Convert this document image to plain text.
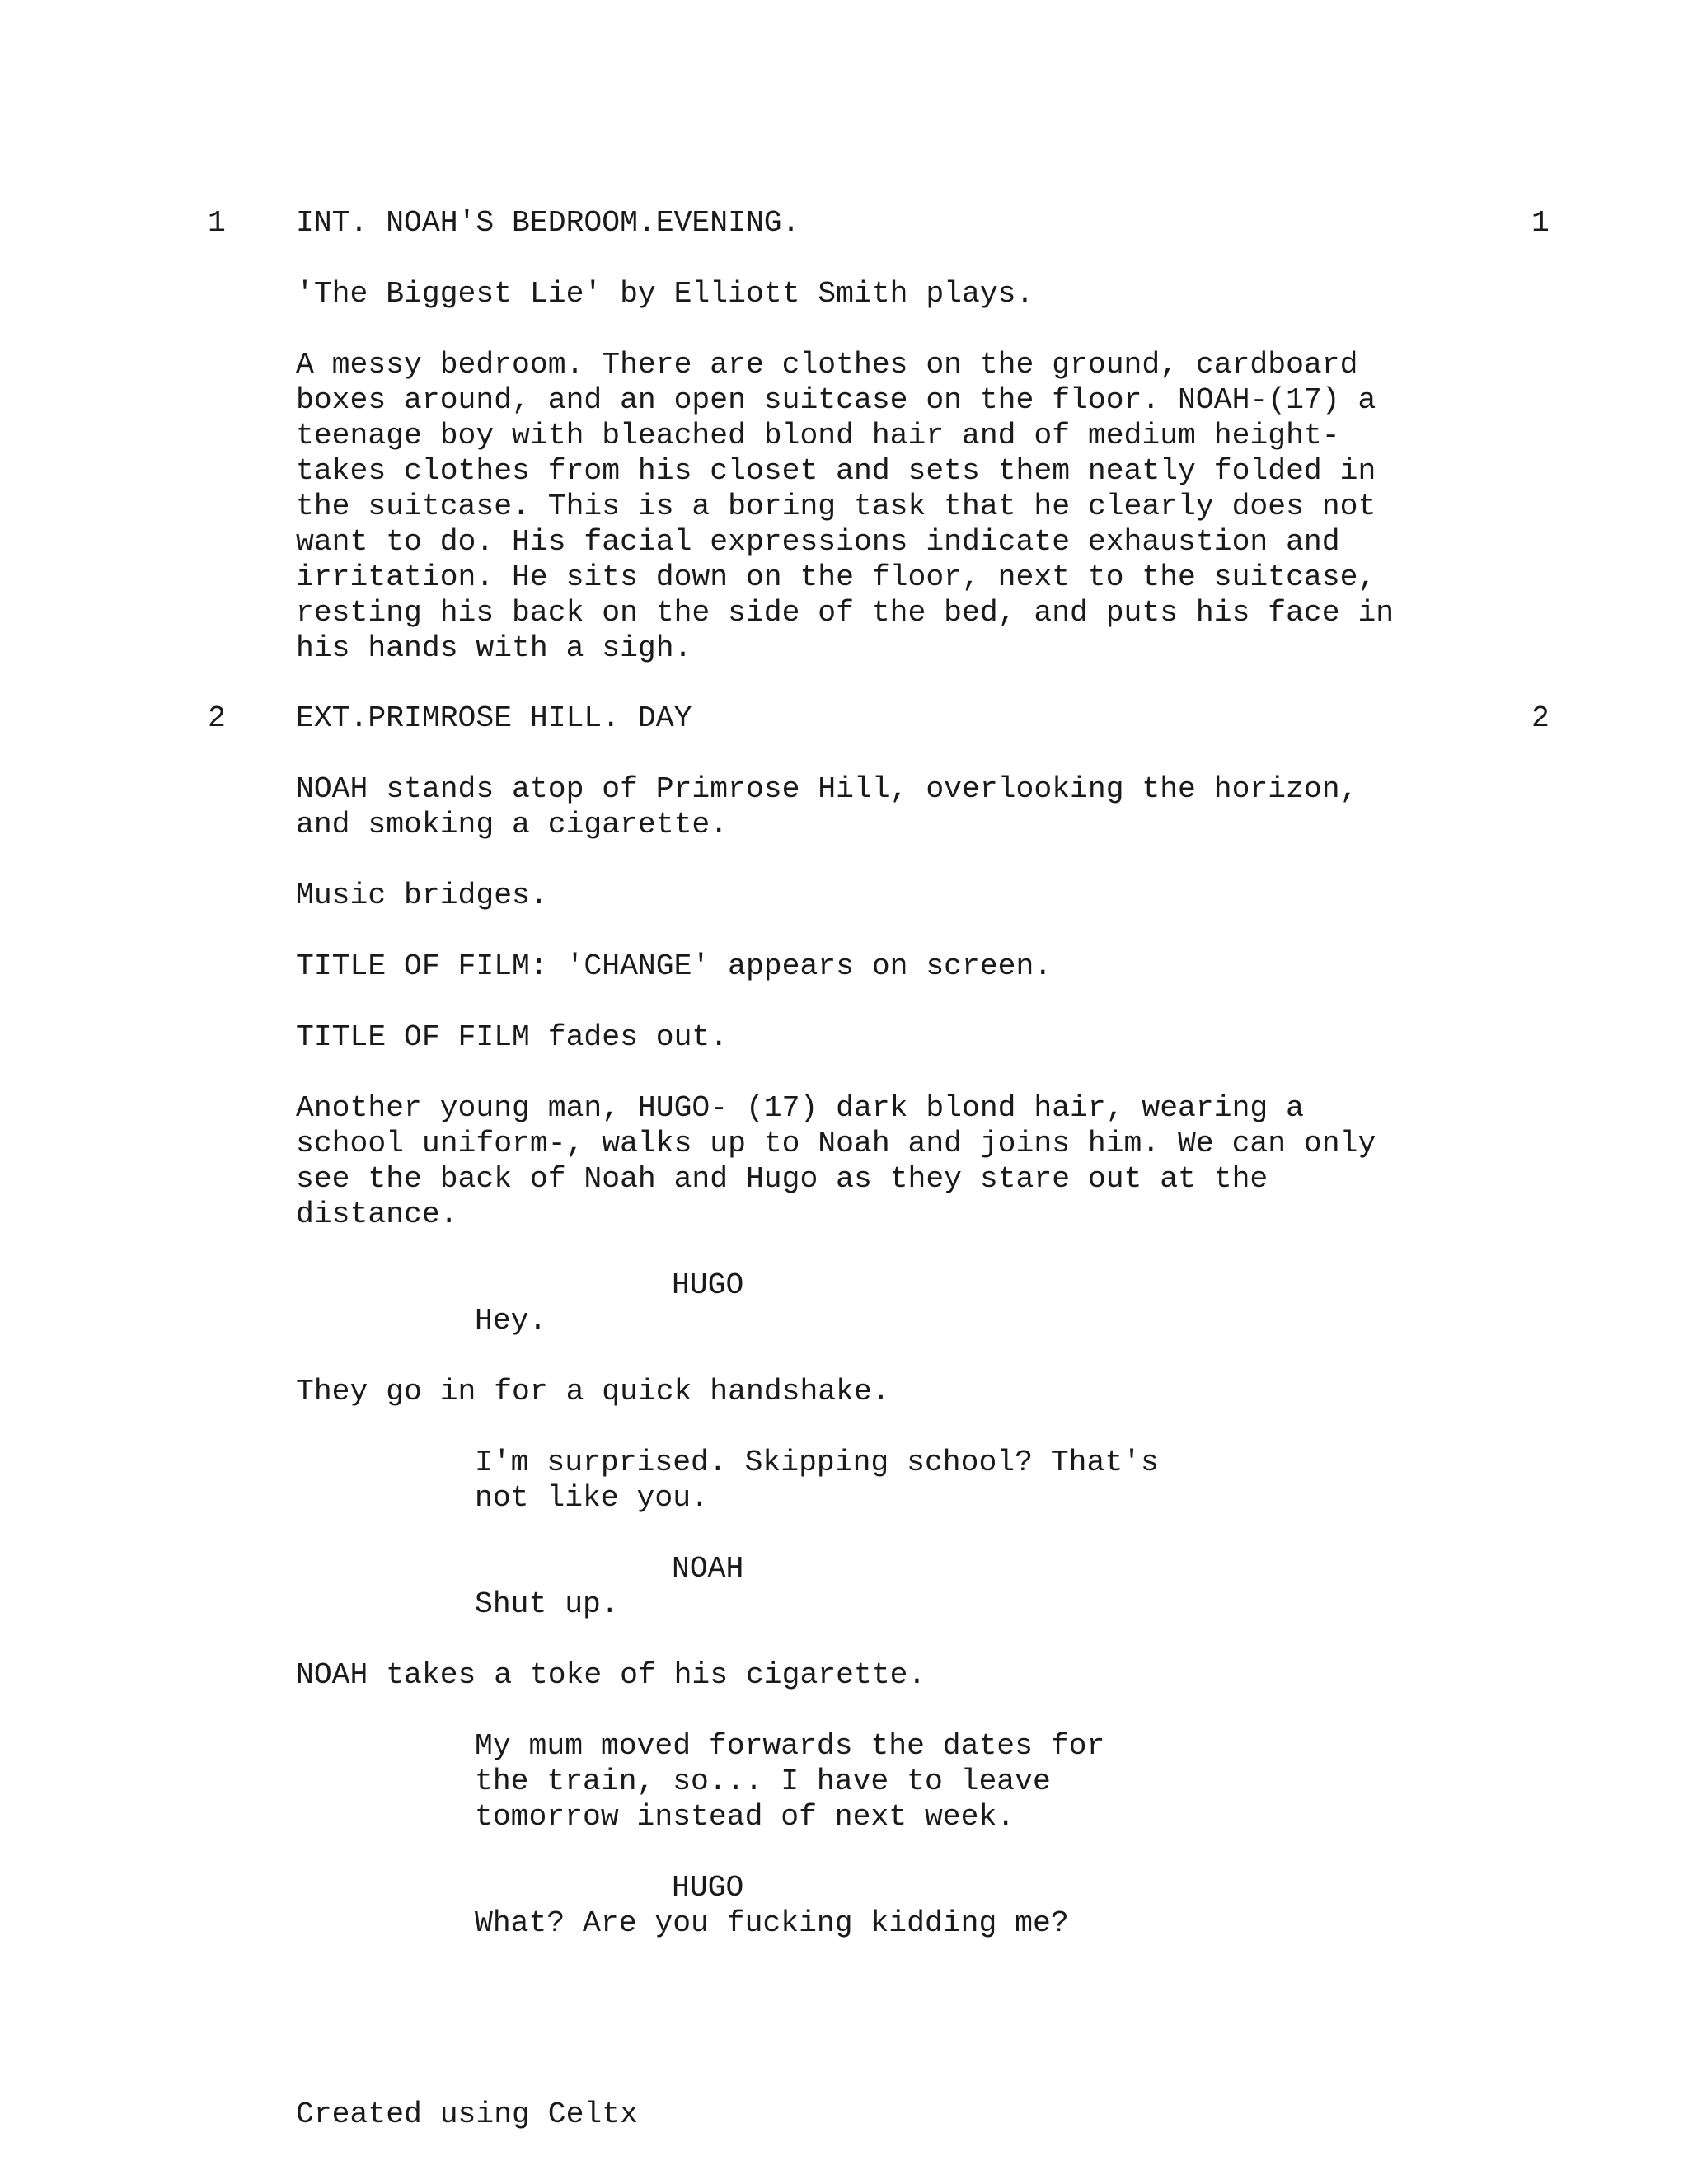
1 INT. NOAH'S BEDROOM.EVENING.	1
'The Biggest Lie' by Elliott Smith plays.
A messy bedroom. There are clothes on the ground, cardboard
boxes around, and an open suitcase on the floor. NOAH-(17) a
teenage boy with bleached blond hair and of medium height-
takes clothes from his closet and sets them neatly folded in
the suitcase. This is a boring task that he clearly does not
want to do. His facial expressions indicate exhaustion and
irritation. He sits down on the floor, next to the suitcase,
resting his back on the side of the bed, and puts his face in
his hands with a sigh.
2 EXT.PRIMROSE HILL. DAY	2
NOAH stands atop of Primrose Hill, overlooking the horizon,
and smoking a cigarette.
Music bridges.
TITLE OF FILM: 'CHANGE' appears on screen.
TITLE OF FILM fades out.
Another young man, HUGO- (17) dark blond hair, wearing a
school uniform-, walks up to Noah and joins him. We can only
see the back of Noah and Hugo as they stare out at the
distance.
HUGO
Hey.
They go in for a quick handshake.
I'm surprised. Skipping school? That's
not like you.
NOAH
Shut up.
NOAH takes a toke of his cigarette.
My mum moved forwards the dates for
the train, so... I have to leave
tomorrow instead of next week.
HUGO
What? Are you fucking kidding me?
Created using Celtx
